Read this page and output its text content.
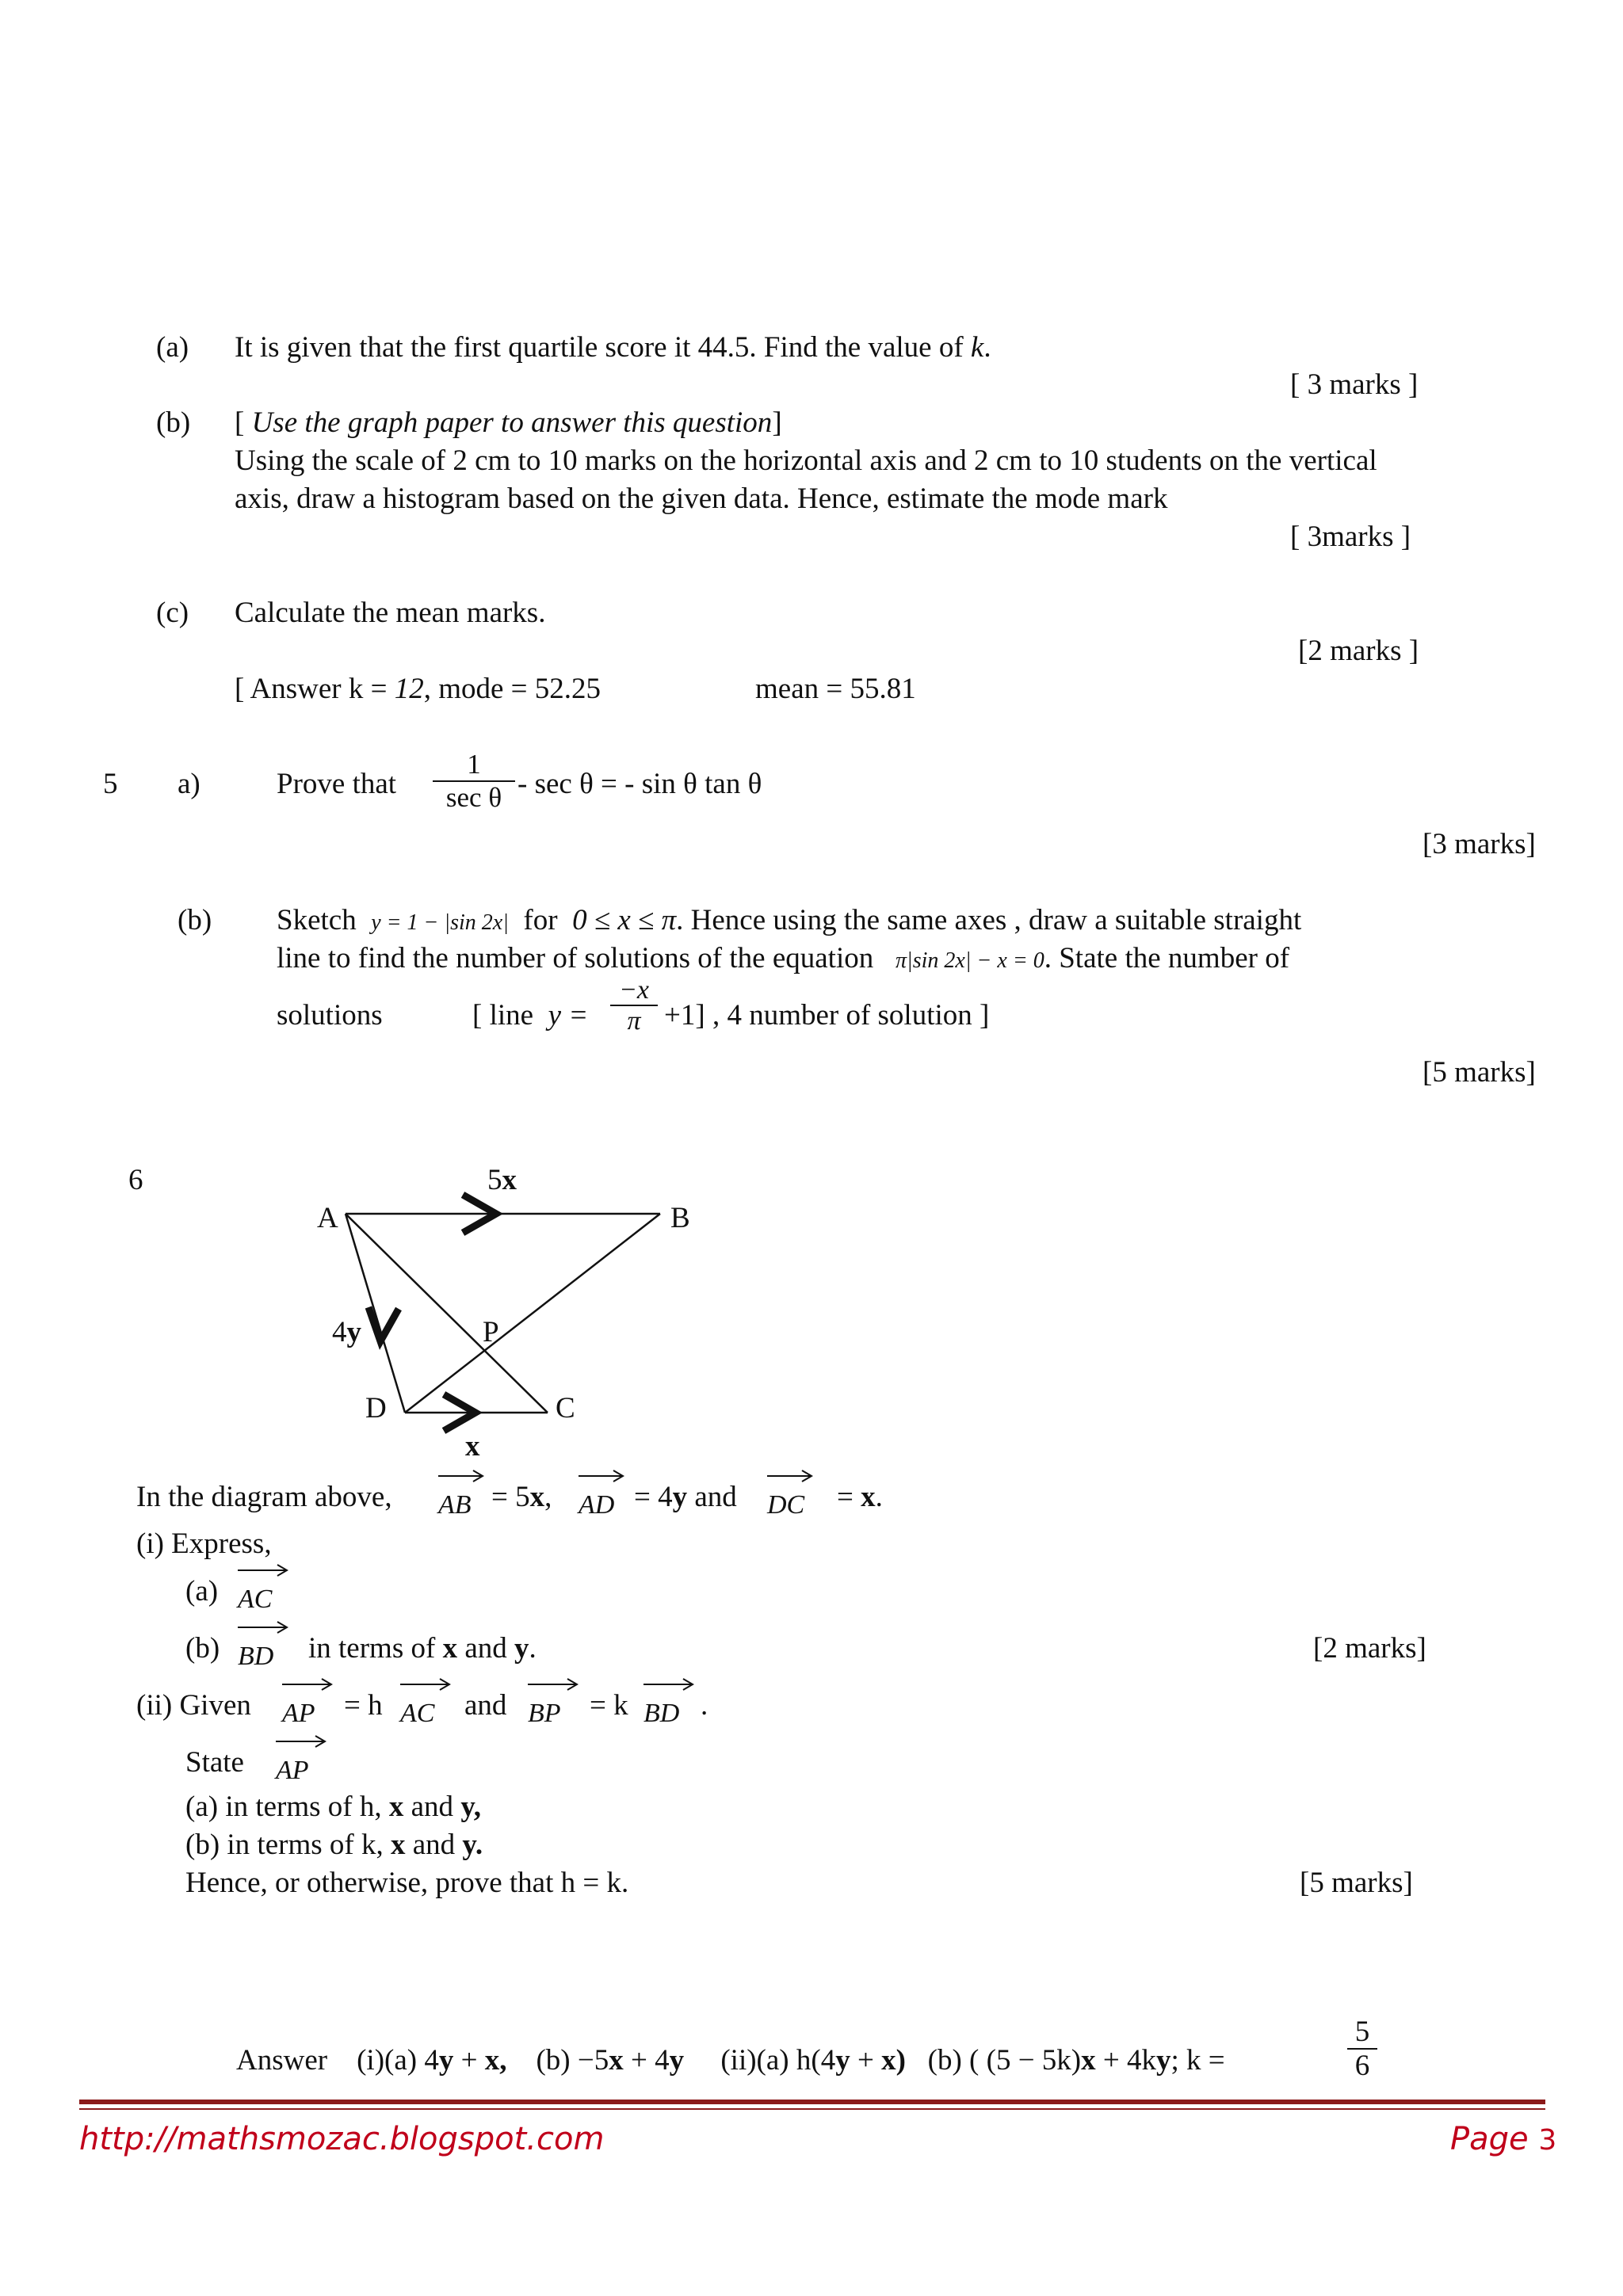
(a) It is given that the first quartile score it 44.5. Find the value of k.
[ 3 marks ]
(b) [ Use the graph paper to answer this question]
Using the scale of 2 cm to 10 marks on the horizontal axis and 2 cm to 10 students on the vertical
axis, draw a histogram based on the given data. Hence, estimate the mode mark
[ 3marks ]
(c) Calculate the mean marks.
[2 marks ]
[ Answer k = 12, mode = 52.25	mean = 55.81
5 a)	Prove that
1
sec θ - sec θ = - sin θ tan θ
[3 marks]
(b) Sketch y = 1 − |sin 2x| for 0 ≤ x ≤ π. Hence using the same axes , draw a suitable straight
line to find the number of solutions of the equation π|sin 2x| − x = 0. State the number of
solutions	[ line y =
−x
π +1] , 4 number of solution ]
[5 marks]
6	5x
A	B
4y	P
D	C
x
In the diagram above, AB = 5x, AD = 4y and DC = x.
(i) Express,
(a) AC
(b) BD in terms of x and y.	[2 marks]
(ii) Given AP = h AC and BP = k BD .
State AP
(a) in terms of h, x and y,
(b) in terms of k, x and y.
Hence, or otherwise, prove that h = k.	[5 marks]
Answer (i)(a) 4y + x, (b) −5x + 4y (ii)(a) h(4y + x) (b) ( (5 − 5k)x + 4ky; k =
5
6
http://mathsmozac.blogspot.com	Page 3
